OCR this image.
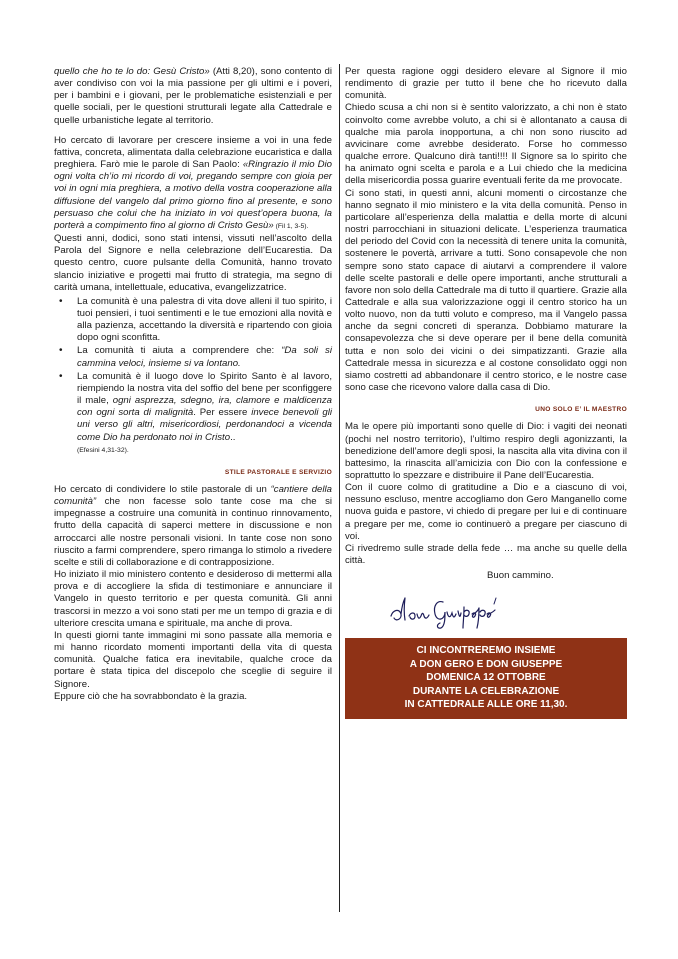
quello che ho te lo do: Gesù Cristo» (Atti 8,20), sono contento di aver condiviso con voi la mia passione per gli ultimi e i poveri, per i bambini e i giovani, per le problematiche esistenziali e per quelle sociali, per le questioni strutturali legate alla Cattedrale e quelle urbanistiche legate al territorio.

Ho cercato di lavorare per crescere insieme a voi in una fede fattiva, concreta, alimentata dalla celebrazione eucaristica e dalla preghiera. Farò mie le parole di San Paolo: «Ringrazio il mio Dio ogni volta ch’io mi ricordo di voi, pregando sempre con gioia per voi in ogni mia preghiera, a motivo della vostra cooperazione alla diffusione del vangelo dal primo giorno fino al presente, e sono persuaso che colui che ha iniziato in voi quest’opera buona, la porterà a compimento fino al giorno di Cristo Gesù» (Fil 1, 3-5).
Questi anni, dodici, sono stati intensi, vissuti nell’ascolto della Parola del Signore e nella celebrazione dell’Eucarestia. Da questo centro, cuore pulsante della Comunità, hanno trovato slancio iniziative e progetti mai frutto di strategia, ma segno di carità umana, intellettuale, educativa, evangelizzatrice.

• La comunità è una palestra di vita dove alleni il tuo spirito, i tuoi pensieri, i tuoi sentimenti e le tue emozioni alla novità e alla pazienza, accettando la diversità e ripartendo con gioia dopo ogni sconfitta.
• La comunità ti aiuta a comprendere che: “Da soli si cammina veloci, insieme si va lontano.
• La comunità è il luogo dove lo Spirito Santo è al lavoro, riempiendo la nostra vita del soffio del bene per sconfiggere il male, ogni asprezza, sdegno, ira, clamore e maldicenza con ogni sorta di malignità. Per essere invece benevoli gli uni verso gli altri, misericordiosi, perdonandoci a vicenda come Dio ha perdonato noi in Cristo..
(Efesini 4,31-32).
STILE PASTORALE E SERVIZIO

Ho cercato di condividere lo stile pastorale di un “cantiere della comunità” che non facesse solo tante cose ma che si impegnasse a costruire una comunità in continuo rinnovamento, frutto della capacità di saperci mettere in discussione e non arroccarci alle nostre personali visioni. In tante cose non sono riuscito a farmi comprendere, spero rimanga lo stimolo a rivedere scelte e stili di collaborazione e di contrapposizione.

Ho iniziato il mio ministero contento e desideroso di mettermi alla prova e di accogliere la sfida di testimoniare e annunciare il Vangelo in questo territorio e per questa comunità. Gli anni trascorsi in mezzo a voi sono stati per me un tempo di grazia e di ulteriore crescita umana e spirituale, ma anche di prova.

In questi giorni tante immagini mi sono passate alla memoria e mi hanno ricordato momenti importanti della vita di questa comunità. Qualche fatica era inevitabile, qualche croce da portare è stata tipica del discepolo che sceglie di seguire il Signore.

Eppure ciò che ha sovrabbondato è la grazia.

Per questa ragione oggi desidero elevare al Signore il mio rendimento di grazie per tutto il bene che ho ricevuto dalla comunità.

Chiedo scusa a chi non si è sentito valorizzato, a chi non è stato coinvolto come avrebbe voluto, a chi si è allontanato a causa di qualche mia parola inopportuna, a chi non sono riuscito ad avvicinare come avrebbe desiderato. Forse ho commesso qualche errore. Qualcuno dirà tanti!!!! Il Signore sa lo spirito che ha animato ogni scelta e parola e a Lui chiedo che la medicina della misericordia possa guarire eventuali ferite da me provocate.

Ci sono stati, in questi anni, alcuni momenti o circostanze che hanno segnato il mio ministero e la vita della comunità. Penso in particolare all’esperienza della malattia e della morte di alcuni nostri parrocchiani in situazioni delicate. L’esperienza traumatica del periodo del Covid con la necessità di tenere unita la comunità, sostenere le povertà, arrivare a tutti. Sono consapevole che non sempre sono stato capace di aiutarvi a comprendere il valore delle scelte pastorali e delle opere importanti, anche strutturali a favore non solo della Cattedrale ma di tutto il quartiere. Grazie alla Cattedrale e alla sua valorizzazione oggi il centro storico ha un volto nuovo, non da tutti voluto e compreso, ma il Vangelo passa anche da segni concreti di speranza. Dobbiamo maturare la consapevolezza che si deve operare per il bene della comunità tutta e non solo dei vicini o dei simpatizzanti. Grazie alla Cattedrale messa in sicurezza e al costone consolidato oggi non siamo costretti ad abbandonare il centro storico, e le nostre case sono case che ricevono valore dalla casa di Dio.

UNO SOLO E’ IL MAESTRO

Ma le opere più importanti sono quelle di Dio: i vagiti dei neonati (pochi nel nostro territorio), l’ultimo respiro degli agonizzanti, la benedizione dell’amore degli sposi, la nascita alla vita divina con il battesimo, la rinascita all’amicizia con Dio con la confessione e soprattutto lo spezzare e distribuire il Pane dell’Eucarestia.

Con il cuore colmo di gratitudine a Dio e a ciascuno di voi, nessuno escluso, mentre accogliamo don Gero Manganello come nuova guida e pastore, vi chiedo di pregare per lui e di continuare a pregare per me, come io continuerò a pregare per ciascuno di voi.

Ci rivedremo sulle strade della fede … ma anche su quelle della città.

Buon cammino.

CI INCONTREREMO INSIEME
A DON GERO E DON GIUSEPPE
DOMENICA 12 OTTOBRE
DURANTE LA CELEBRAZIONE
IN CATTEDRALE ALLE ORE 11,30.
